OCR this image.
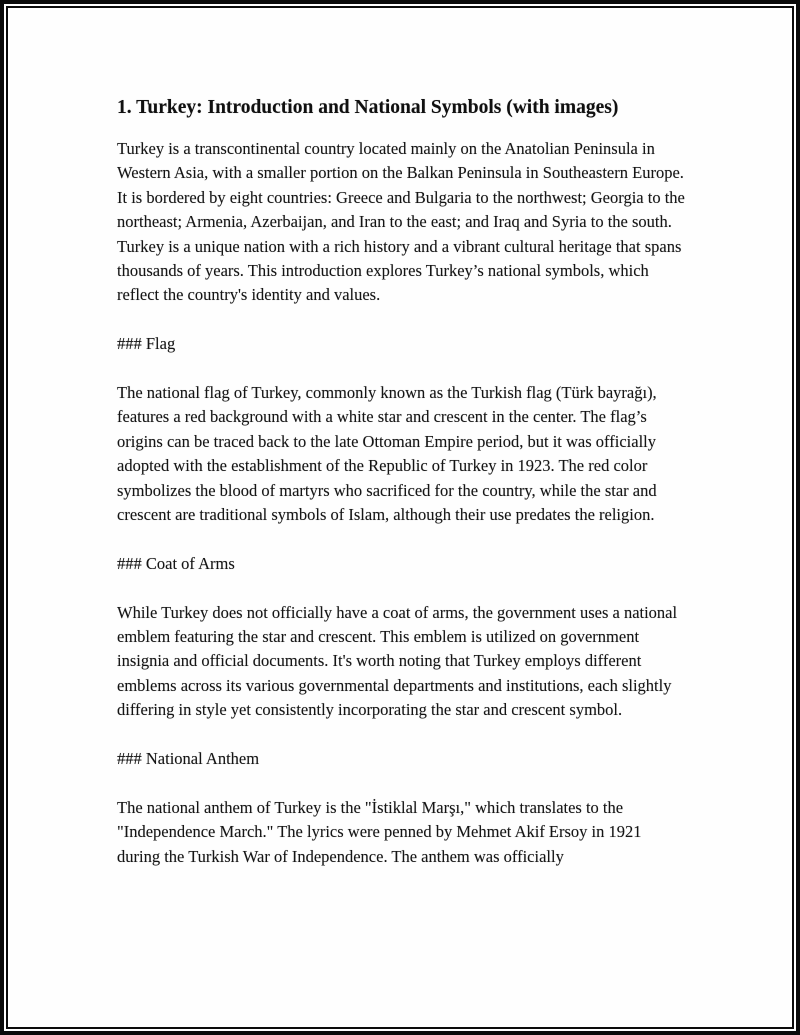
1. Turkey: Introduction and National Symbols (with images)

Turkey is a transcontinental country located mainly on the Anatolian Peninsula in Western Asia, with a smaller portion on the Balkan Peninsula in Southeastern Europe. It is bordered by eight countries: Greece and Bulgaria to the northwest; Georgia to the northeast; Armenia, Azerbaijan, and Iran to the east; and Iraq and Syria to the south. Turkey is a unique nation with a rich history and a vibrant cultural heritage that spans thousands of years. This introduction explores Turkey’s national symbols, which reflect the country's identity and values.

### Flag

The national flag of Turkey, commonly known as the Turkish flag (Türk bayrağı), features a red background with a white star and crescent in the center. The flag’s origins can be traced back to the late Ottoman Empire period, but it was officially adopted with the establishment of the Republic of Turkey in 1923. The red color symbolizes the blood of martyrs who sacrificed for the country, while the star and crescent are traditional symbols of Islam, although their use predates the religion.

### Coat of Arms

While Turkey does not officially have a coat of arms, the government uses a national emblem featuring the star and crescent. This emblem is utilized on government insignia and official documents. It's worth noting that Turkey employs different emblems across its various governmental departments and institutions, each slightly differing in style yet consistently incorporating the star and crescent symbol.

### National Anthem

The national anthem of Turkey is the "İstiklal Marşı," which translates to the "Independence March." The lyrics were penned by Mehmet Akif Ersoy in 1921 during the Turkish War of Independence. The anthem was officially
